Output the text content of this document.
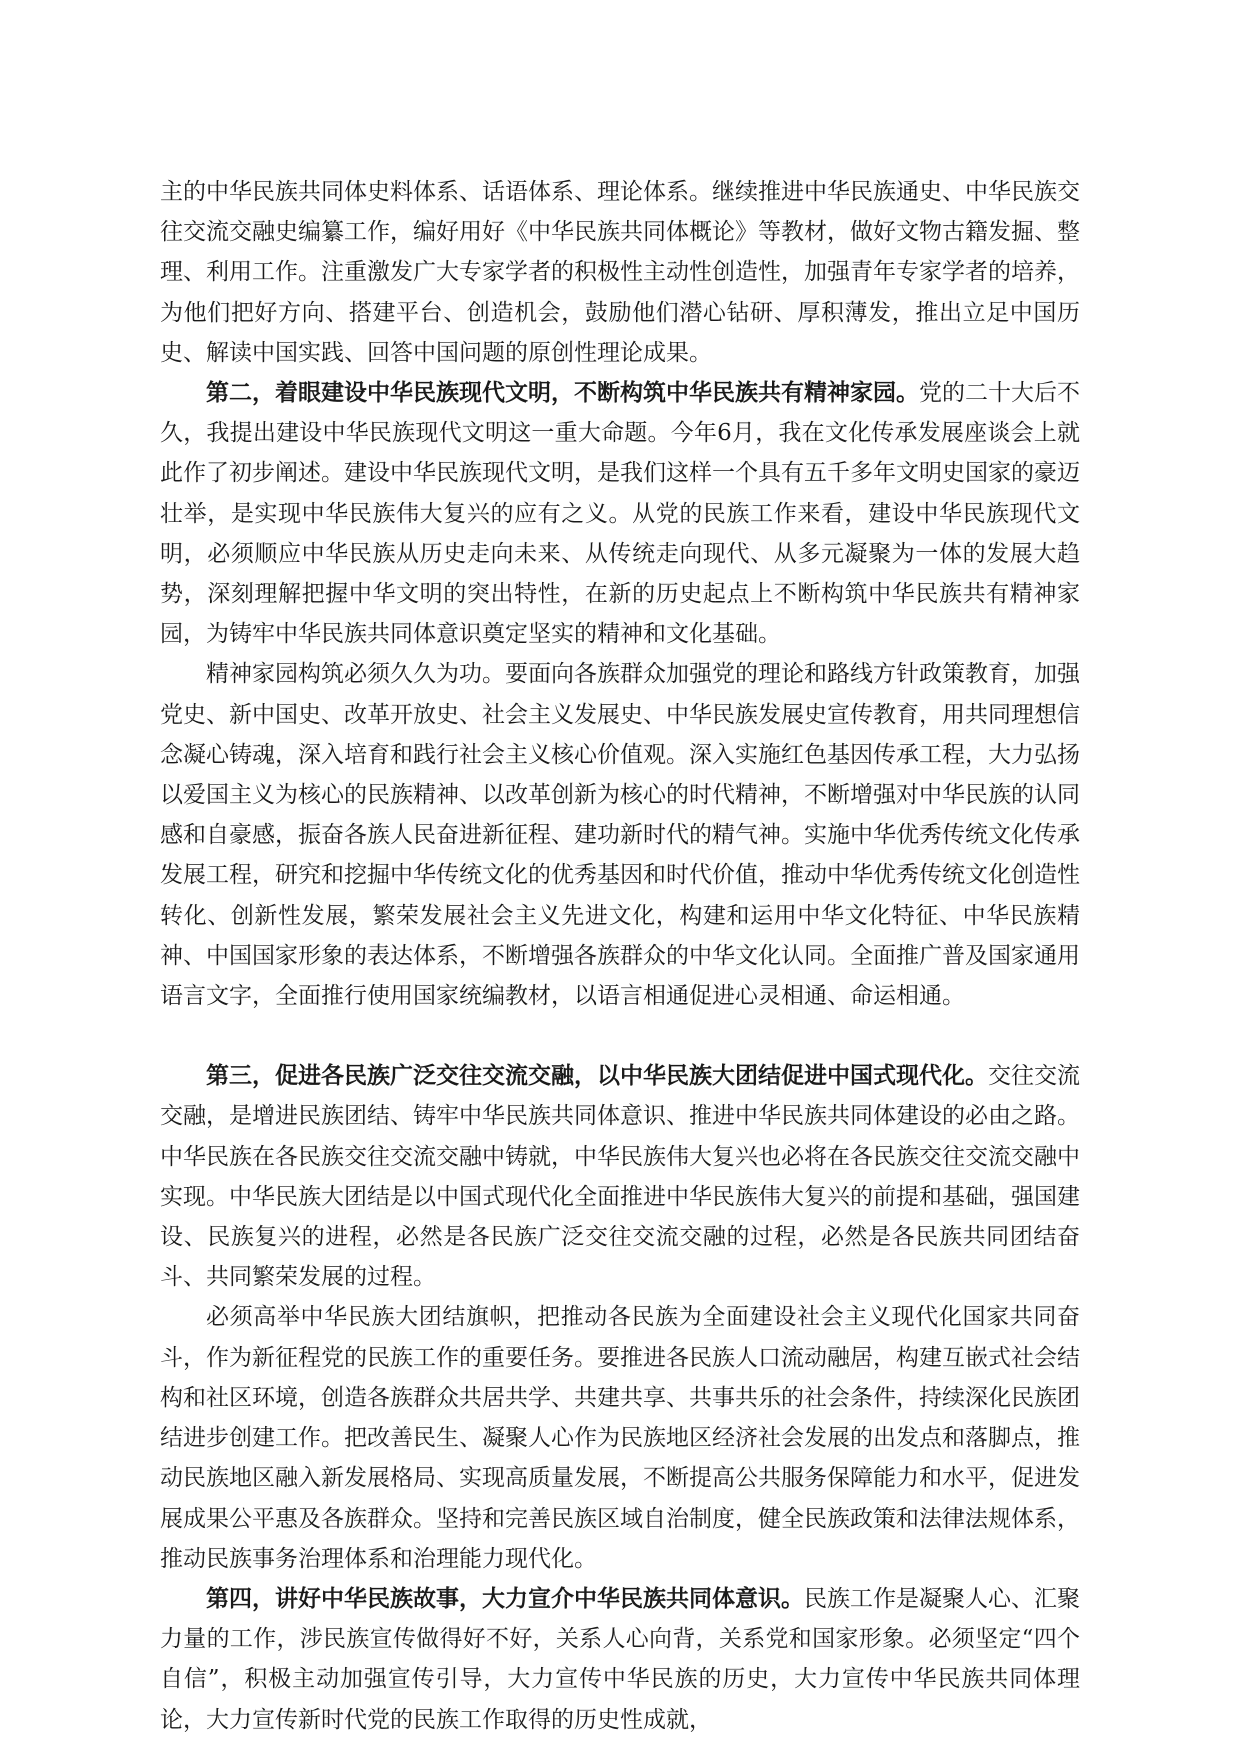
主的中华民族共同体史料体系、话语体系、理论体系。继续推进中华民族通史、中华民族交往交流交融史编纂工作，编好用好《中华民族共同体概论》等教材，做好文物古籍发掘、整理、利用工作。注重激发广大专家学者的积极性主动性创造性，加强青年专家学者的培养，为他们把好方向、搭建平台、创造机会，鼓励他们潜心钻研、厚积薄发，推出立足中国历史、解读中国实践、回答中国问题的原创性理论成果。

第二，着眼建设中华民族现代文明，不断构筑中华民族共有精神家园。党的二十大后不久，我提出建设中华民族现代文明这一重大命题。今年6月，我在文化传承发展座谈会上就此作了初步阐述。建设中华民族现代文明，是我们这样一个具有五千多年文明史国家的豪迈壮举，是实现中华民族伟大复兴的应有之义。从党的民族工作来看，建设中华民族现代文明，必须顺应中华民族从历史走向未来、从传统走向现代、从多元凝聚为一体的发展大趋势，深刻理解把握中华文明的突出特性，在新的历史起点上不断构筑中华民族共有精神家园，为铸牢中华民族共同体意识奠定坚实的精神和文化基础。

精神家园构筑必须久久为功。要面向各族群众加强党的理论和路线方针政策教育，加强党史、新中国史、改革开放史、社会主义发展史、中华民族发展史宣传教育，用共同理想信念凝心铸魂，深入培育和践行社会主义核心价值观。深入实施红色基因传承工程，大力弘扬以爱国主义为核心的民族精神、以改革创新为核心的时代精神，不断增强对中华民族的认同感和自豪感，振奋各族人民奋进新征程、建功新时代的精气神。实施中华优秀传统文化传承发展工程，研究和挖掘中华传统文化的优秀基因和时代价值，推动中华优秀传统文化创造性转化、创新性发展，繁荣发展社会主义先进文化，构建和运用中华文化特征、中华民族精神、中国国家形象的表达体系，不断增强各族群众的中华文化认同。全面推广普及国家通用语言文字，全面推行使用国家统编教材，以语言相通促进心灵相通、命运相通。

第三，促进各民族广泛交往交流交融，以中华民族大团结促进中国式现代化。交往交流交融，是增进民族团结、铸牢中华民族共同体意识、推进中华民族共同体建设的必由之路。中华民族在各民族交往交流交融中铸就，中华民族伟大复兴也必将在各民族交往交流交融中实现。中华民族大团结是以中国式现代化全面推进中华民族伟大复兴的前提和基础，强国建设、民族复兴的进程，必然是各民族广泛交往交流交融的过程，必然是各民族共同团结奋斗、共同繁荣发展的过程。

必须高举中华民族大团结旗帜，把推动各民族为全面建设社会主义现代化国家共同奋斗，作为新征程党的民族工作的重要任务。要推进各民族人口流动融居，构建互嵌式社会结构和社区环境，创造各族群众共居共学、共建共享、共事共乐的社会条件，持续深化民族团结进步创建工作。把改善民生、凝聚人心作为民族地区经济社会发展的出发点和落脚点，推动民族地区融入新发展格局、实现高质量发展，不断提高公共服务保障能力和水平，促进发展成果公平惠及各族群众。坚持和完善民族区域自治制度，健全民族政策和法律法规体系，推动民族事务治理体系和治理能力现代化。

第四，讲好中华民族故事，大力宣介中华民族共同体意识。民族工作是凝聚人心、汇聚力量的工作，涉民族宣传做得好不好，关系人心向背，关系党和国家形象。必须坚定“四个自信”，积极主动加强宣传引导，大力宣传中华民族的历史，大力宣传中华民族共同体理论，大力宣传新时代党的民族工作取得的历史性成就，
